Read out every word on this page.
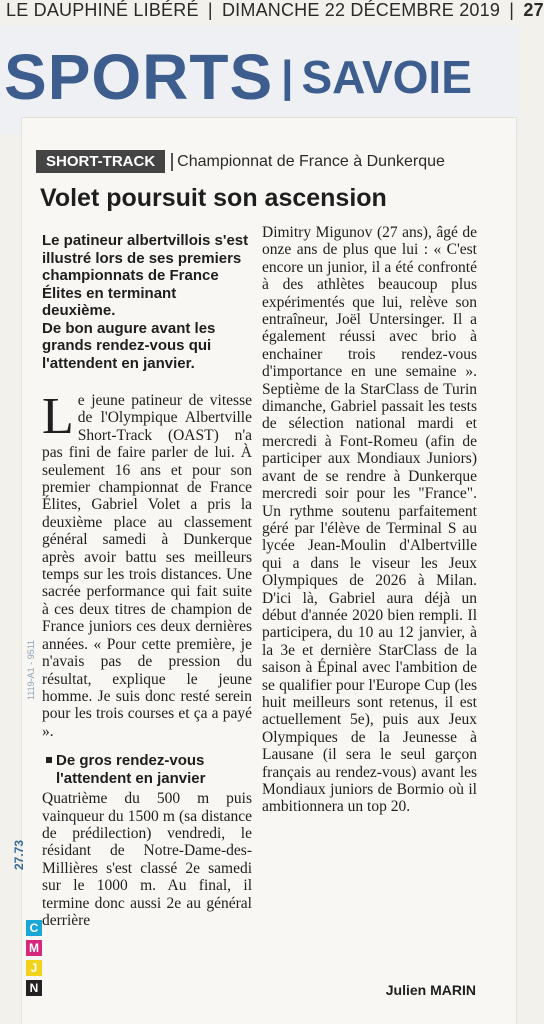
LE DAUPHINÉ LIBÉRÉ | DIMANCHE 22 DÉCEMBRE 2019 | 27
SPORTS | SAVOIE
SHORT-TRACK Championnat de France à Dunkerque
Volet poursuit son ascension

Le patineur albertvillois s'est illustré lors de ses premiers championnats de France Élites en terminant deuxième.

De bon augure avant les grands rendez-vous qui l'attendent en janvier.

Le jeune patineur de vitesse de l'Olympique Albertville Short-Track (OAST) n'a pas fini de faire parler de lui. À seulement 16 ans et pour son premier championnat de France Élites, Gabriel Volet a pris la deuxième place au classement général samedi à Dunkerque après avoir battu ses meilleurs temps sur les trois distances. Une sacrée performance qui fait suite à ces deux titres de champion de France juniors ces deux dernières années. « Pour cette première, je n'avais pas de pression du résultat, explique le jeune homme. Je suis donc resté serein pour les trois courses et ça a payé ».

De gros rendez-vous l'attendent en janvier

Quatrième du 500 m puis vainqueur du 1500 m (sa distance de prédilection) vendredi, le résidant de Notre-Dame-des-Millières s'est classé 2e samedi sur le 1000 m. Au final, il termine donc aussi 2e au général derrière

Dimitry Migunov (27 ans), âgé de onze ans de plus que lui : « C'est encore un junior, il a été confronté à des athlètes beaucoup plus expérimentés que lui, relève son entraîneur, Joël Untersinger. Il a également réussi avec brio à enchainer trois rendez-vous d'importance en une semaine ». Septième de la StarClass de Turin dimanche, Gabriel passait les tests de sélection national mardi et mercredi à Font-Romeu (afin de participer aux Mondiaux Juniors) avant de se rendre à Dunkerque mercredi soir pour les "France". Un rythme soutenu parfaitement géré par l'élève de Terminal S au lycée Jean-Moulin d'Albertville qui a dans le viseur les Jeux Olympiques de 2026 à Milan. D'ici là, Gabriel aura déjà un début d'année 2020 bien rempli. Il participera, du 10 au 12 janvier, à la 3e et dernière StarClass de la saison à Épinal avec l'ambition de se qualifier pour l'Europe Cup (les huit meilleurs sont retenus, il est actuellement 5e), puis aux Jeux Olympiques de la Jeunesse à Lausane (il sera le seul garçon français au rendez-vous) avant les Mondiaux juniors de Bormio où il ambitionnera un top 20.

Julien MARIN
1119-A1 - 9511
27.73
C
M
J
N
